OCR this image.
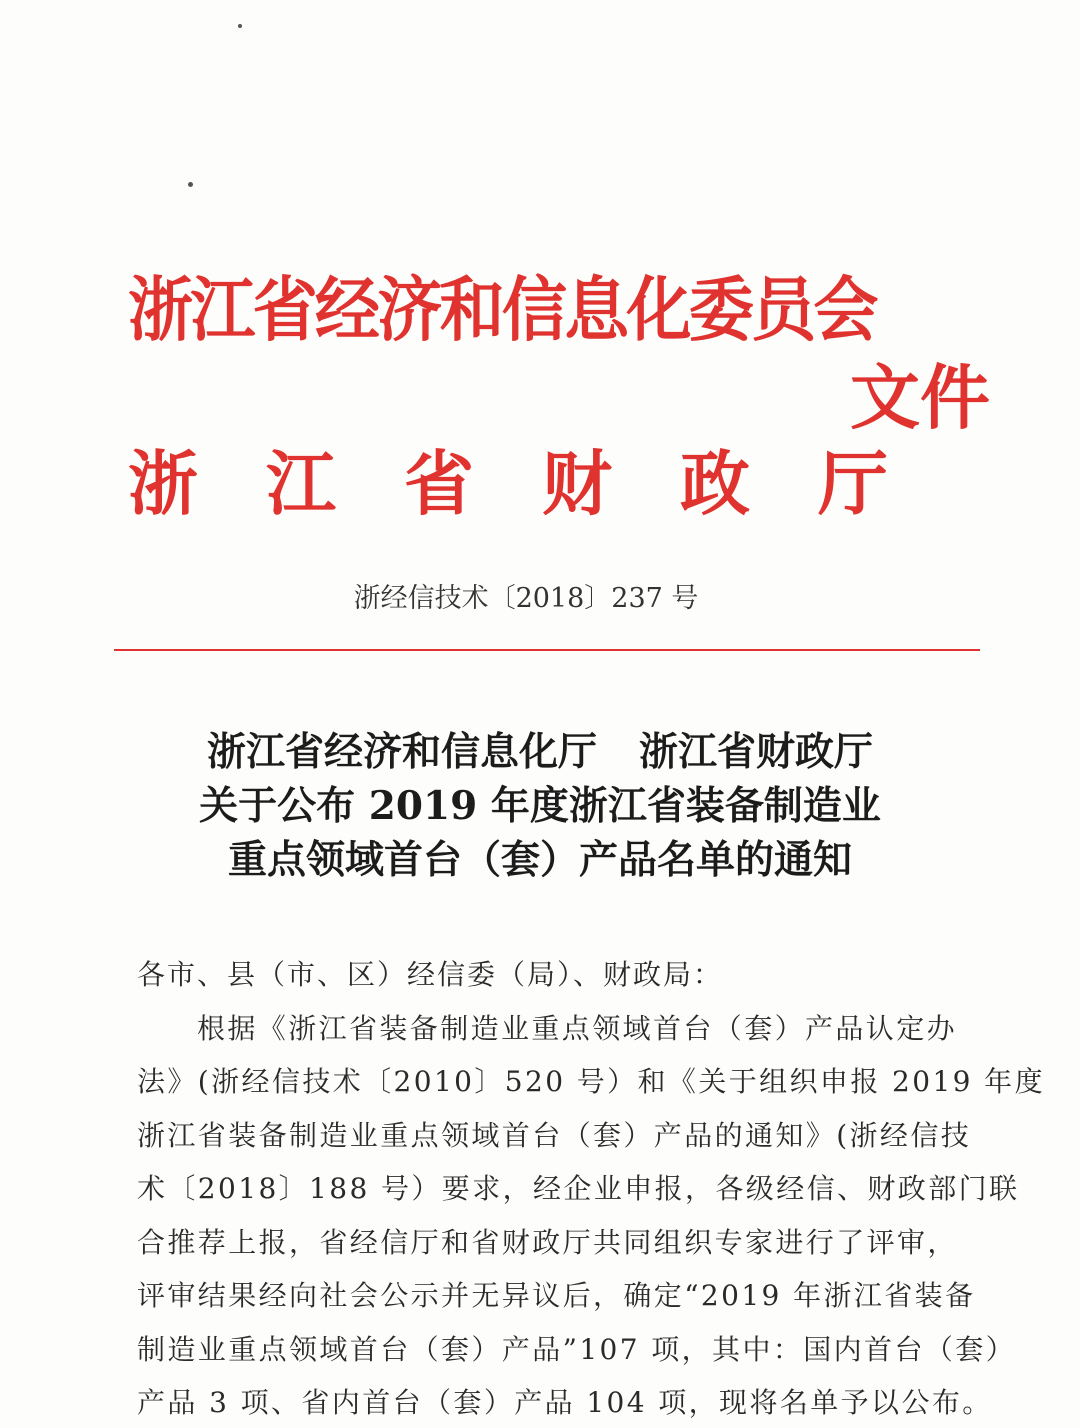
浙江省经济和信息化委员会
文件
浙江省财政厅
浙经信技术〔2018〕237 号
浙江省经济和信息化厅 浙江省财政厅
关于公布 2019 年度浙江省装备制造业
重点领域首台（套）产品名单的通知
各市、县（市、区）经信委（局）、财政局：
根据《浙江省装备制造业重点领域首台（套）产品认定办
法》(浙经信技术〔2010〕520 号）和《关于组织申报 2019 年度
浙江省装备制造业重点领域首台（套）产品的通知》(浙经信技
术〔2018〕188 号）要求，经企业申报，各级经信、财政部门联
合推荐上报，省经信厅和省财政厅共同组织专家进行了评审，
评审结果经向社会公示并无异议后，确定“2019 年浙江省装备
制造业重点领域首台（套）产品”107 项，其中：国内首台（套）
产品 3 项、省内首台（套）产品 104 项，现将名单予以公布。
